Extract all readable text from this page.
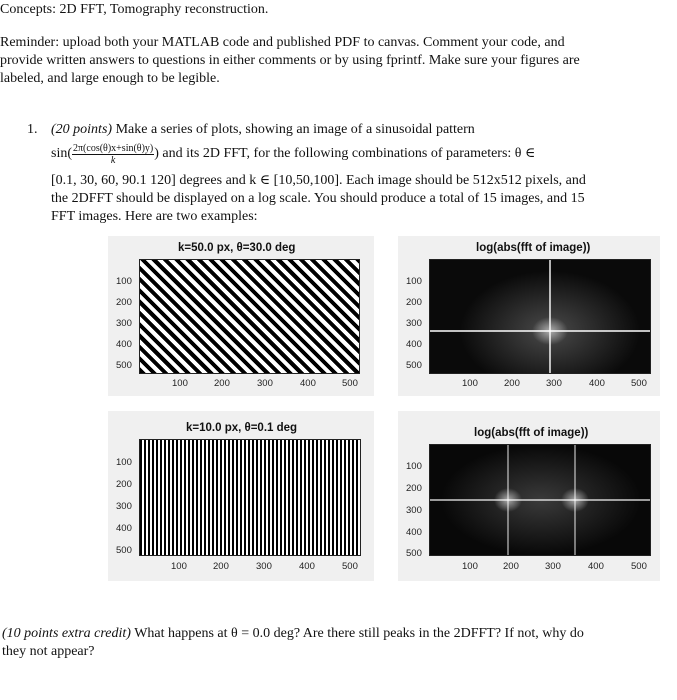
Concepts: 2D FFT, Tomography reconstruction.
Reminder: upload both your MATLAB code and published PDF to canvas. Comment your code, and
provide written answers to questions in either comments or by using fprintf. Make sure your figures are
labeled, and large enough to be legible.
1. (20 points) Make a series of plots, showing an image of a sinusoidal pattern
$\sin( \frac{2\pi(\cos(\theta)x+\sin(\theta)y)}{k}$ ) and its 2D FFT, for the following combinations of parameters: θ ∈
[0.1, 30, 60, 90.1 120] degrees and k ∈ [10,50,100]. Each image should be 512x512 pixels, and
the 2DFFT should be displayed on a log scale. You should produce a total of 15 images, and 15
FFT images. Here are two examples:
k=50.0 px, θ=30.0 deg
100
200
300
400
500
100	200	300	400	500
log(abs(fft of image))
100
200
300
400
500
100	200	300	400	500
k=10.0 px, θ=0.1 deg
100
200
300
400
500
100	200	300	400	500
log(abs(fft of image))
100
200
300
400
500
100	200	300	400	500
(10 points extra credit) What happens at θ = 0.0 deg? Are there still peaks in the 2DFFT? If not, why do
they not appear?
